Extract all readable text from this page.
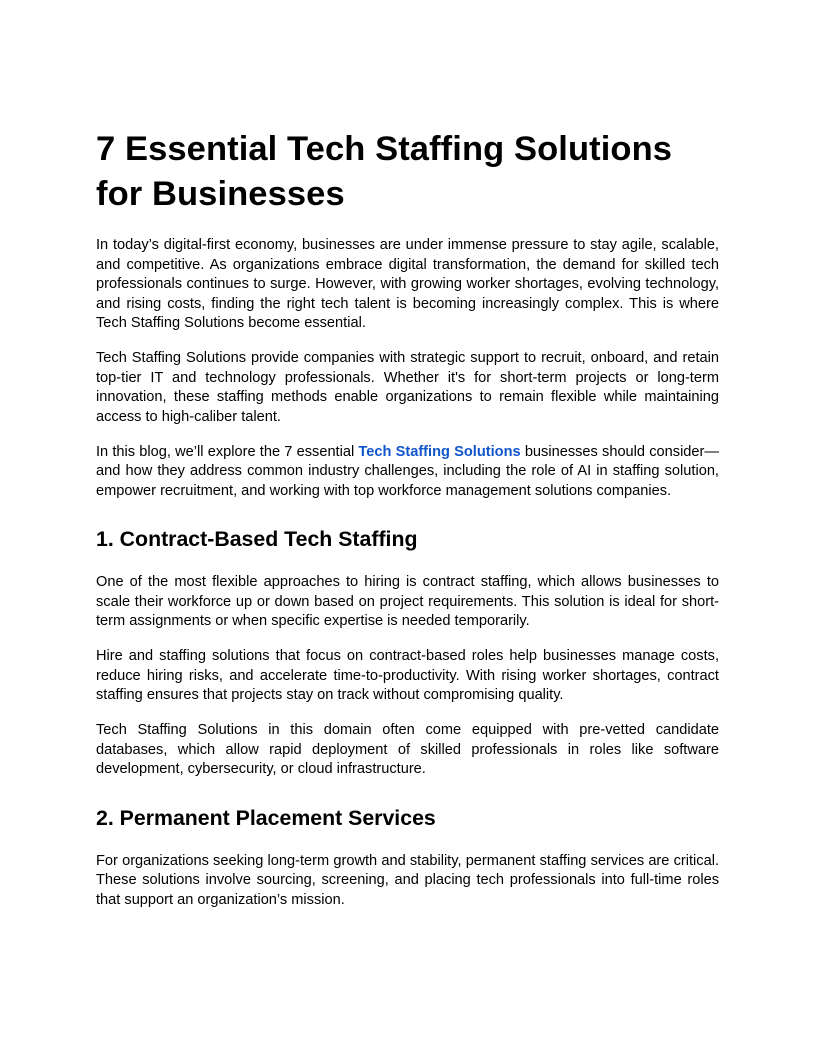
7 Essential Tech Staffing Solutions for Businesses

In today’s digital-first economy, businesses are under immense pressure to stay agile, scalable, and competitive. As organizations embrace digital transformation, the demand for skilled tech professionals continues to surge. However, with growing worker shortages, evolving technology, and rising costs, finding the right tech talent is becoming increasingly complex. This is where Tech Staffing Solutions become essential.

Tech Staffing Solutions provide companies with strategic support to recruit, onboard, and retain top-tier IT and technology professionals. Whether it's for short-term projects or long-term innovation, these staffing methods enable organizations to remain flexible while maintaining access to high-caliber talent.

In this blog, we’ll explore the 7 essential Tech Staffing Solutions businesses should consider—and how they address common industry challenges, including the role of AI in staffing solution, empower recruitment, and working with top workforce management solutions companies.

1. Contract-Based Tech Staffing

One of the most flexible approaches to hiring is contract staffing, which allows businesses to scale their workforce up or down based on project requirements. This solution is ideal for short-term assignments or when specific expertise is needed temporarily.

Hire and staffing solutions that focus on contract-based roles help businesses manage costs, reduce hiring risks, and accelerate time-to-productivity. With rising worker shortages, contract staffing ensures that projects stay on track without compromising quality.

Tech Staffing Solutions in this domain often come equipped with pre-vetted candidate databases, which allow rapid deployment of skilled professionals in roles like software development, cybersecurity, or cloud infrastructure.

2. Permanent Placement Services

For organizations seeking long-term growth and stability, permanent staffing services are critical. These solutions involve sourcing, screening, and placing tech professionals into full-time roles that support an organization’s mission.
